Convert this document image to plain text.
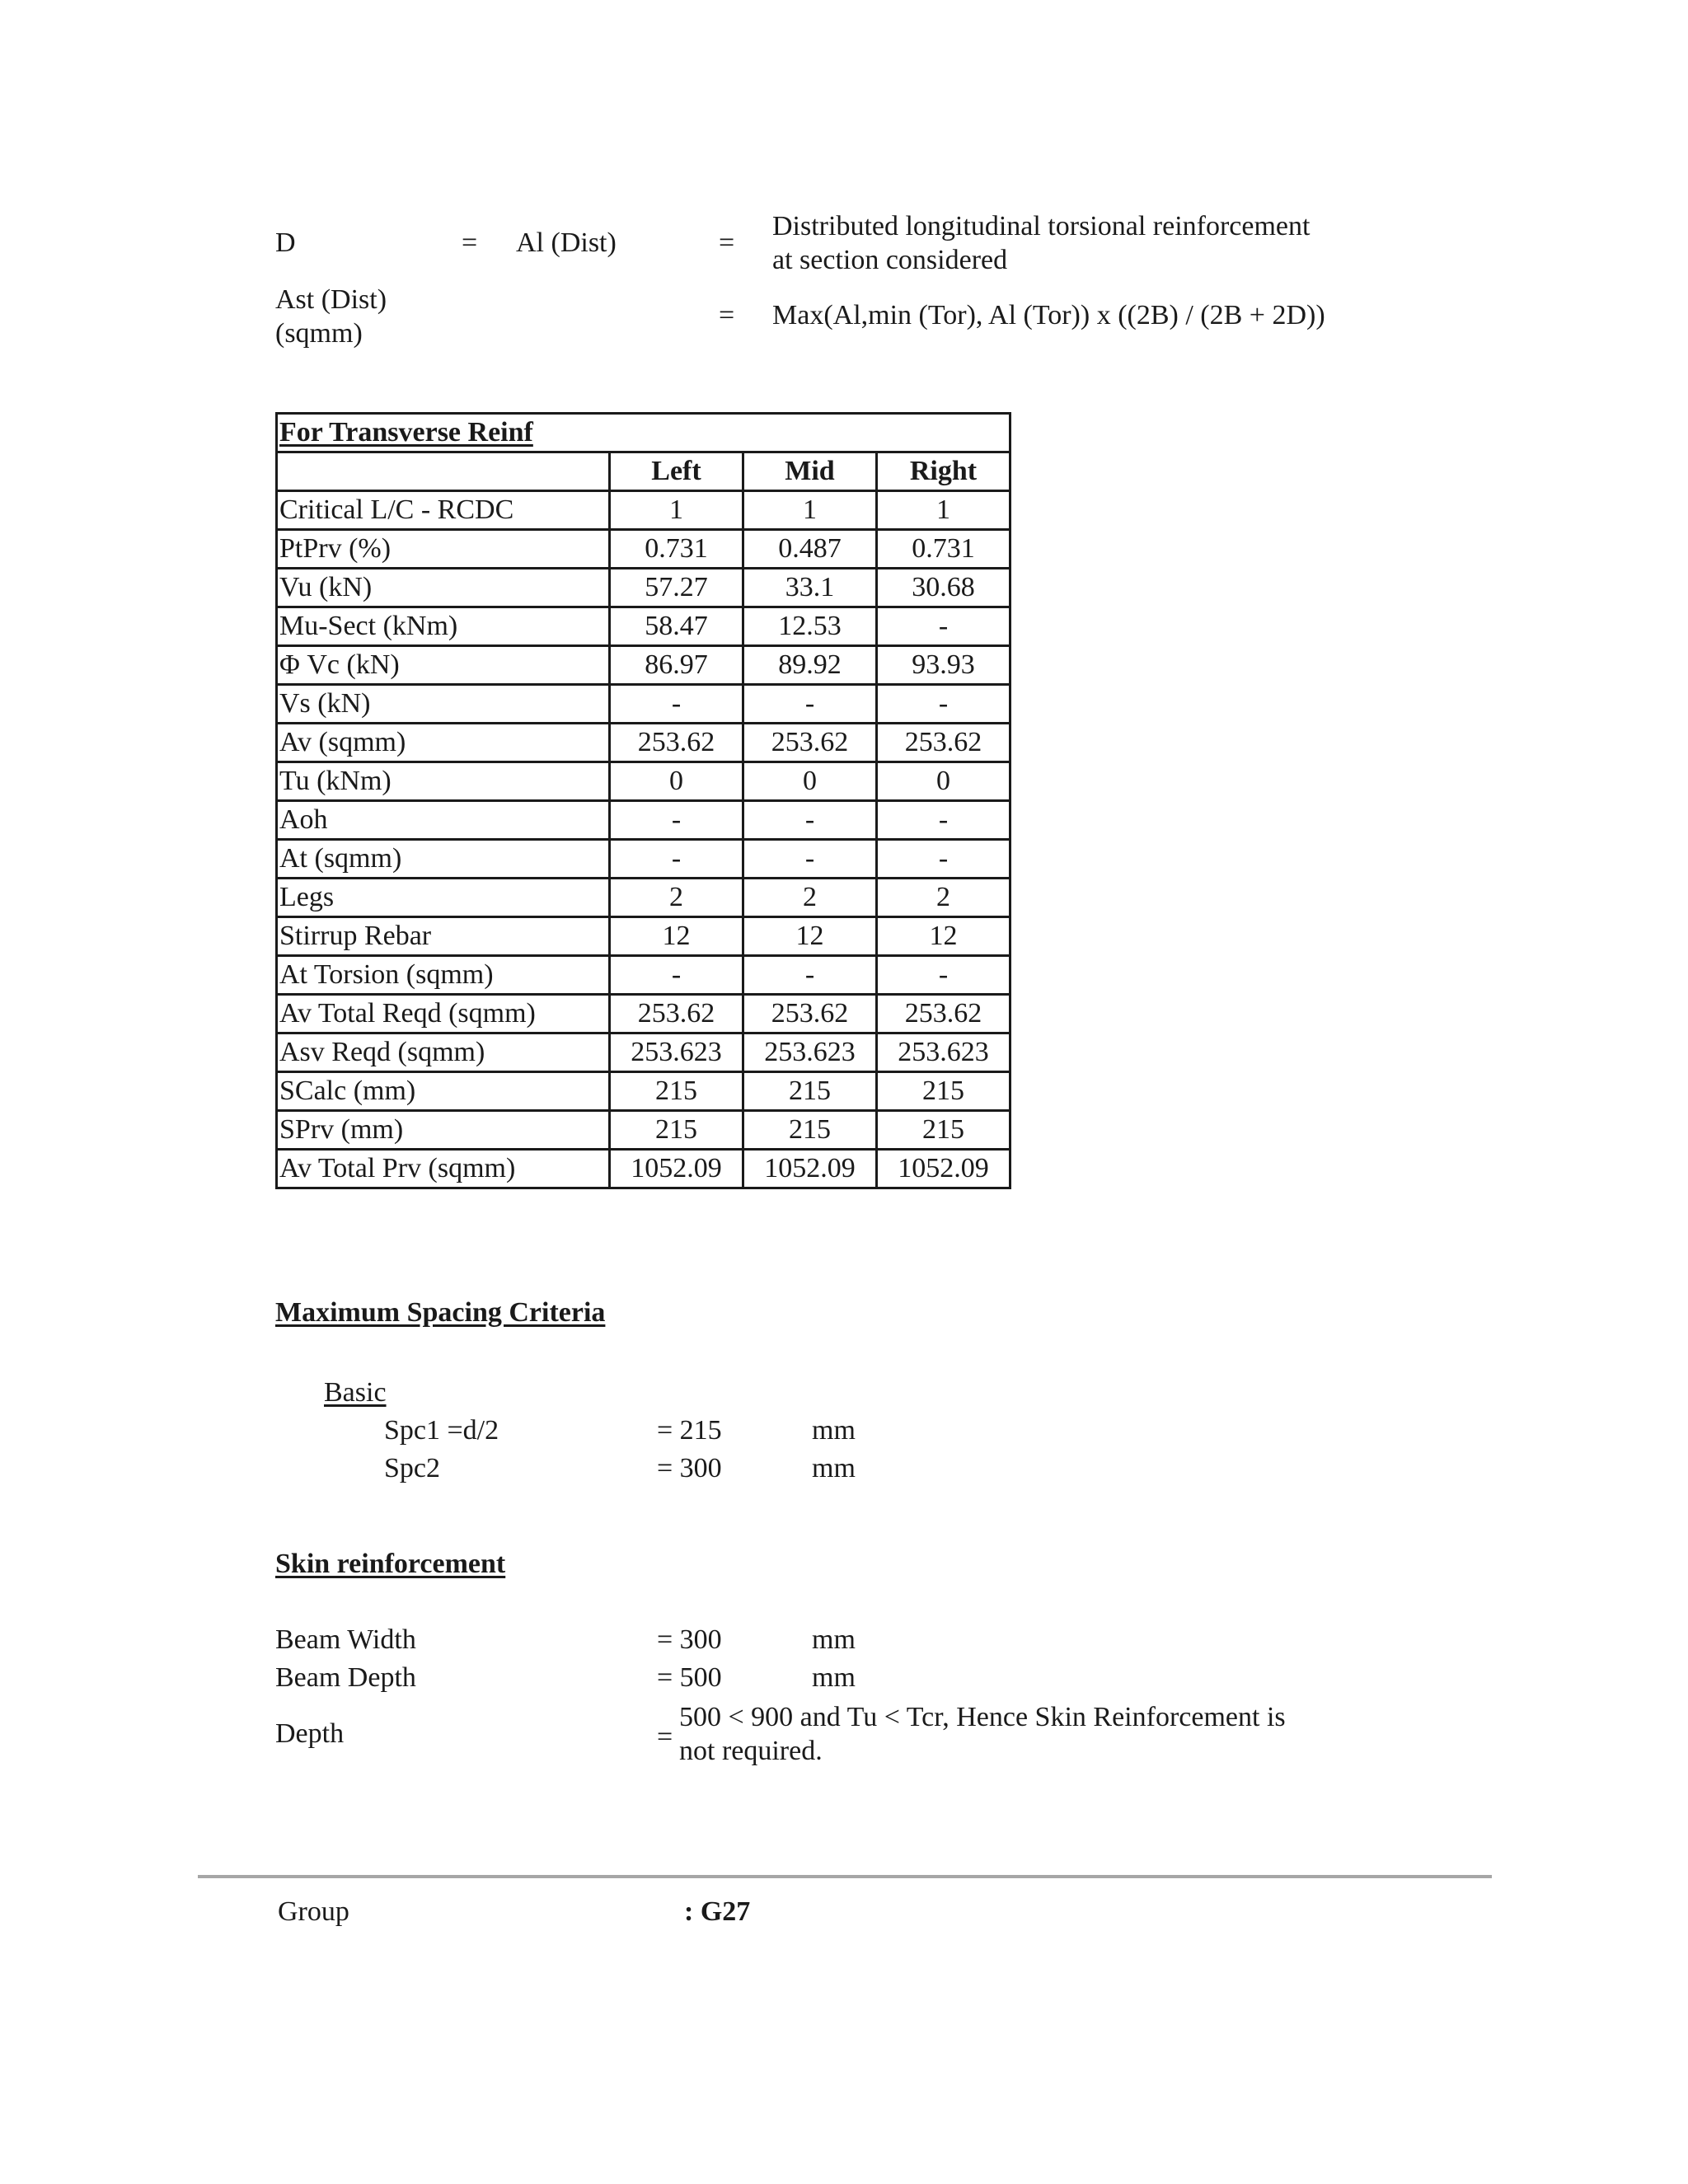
D	= Al (Dist)	=
Distributed longitudinal torsional reinforcement
at section considered
Ast (Dist)
(sqmm)
= Max(Al,min (Tor), Al (Tor)) x ((2B) / (2B + 2D))
For Transverse Reinf			
	Left	Mid	Right
Critical L/C - RCDC	1	1	1
PtPrv (%)	0.731	0.487	0.731
Vu (kN)	57.27	33.1	30.68
Mu-Sect (kNm)	58.47	12.53	-
Φ Vc (kN)	86.97	89.92	93.93
Vs (kN)	-	-	-
Av (sqmm)	253.62	253.62	253.62
Tu (kNm)	0	0	0
Aoh	-	-	-
At (sqmm)	-	-	-
Legs	2	2	2
Stirrup Rebar	12	12	12
At Torsion (sqmm)	-	-	-
Av Total Reqd (sqmm)	253.62	253.62	253.62
Asv Reqd (sqmm)	253.623	253.623	253.623
SCalc (mm)	215	215	215
SPrv (mm)	215	215	215
Av Total Prv (sqmm)	1052.09	1052.09	1052.09
Maximum Spacing Criteria
Basic
Spc1 =d/2	= 215	mm
Spc2	= 300	mm
Skin reinforcement
Beam Width	= 300	mm
Beam Depth	= 500	mm
Depth	=
500 < 900 and Tu < Tcr, Hence Skin Reinforcement is
not required.
Group	: G27
